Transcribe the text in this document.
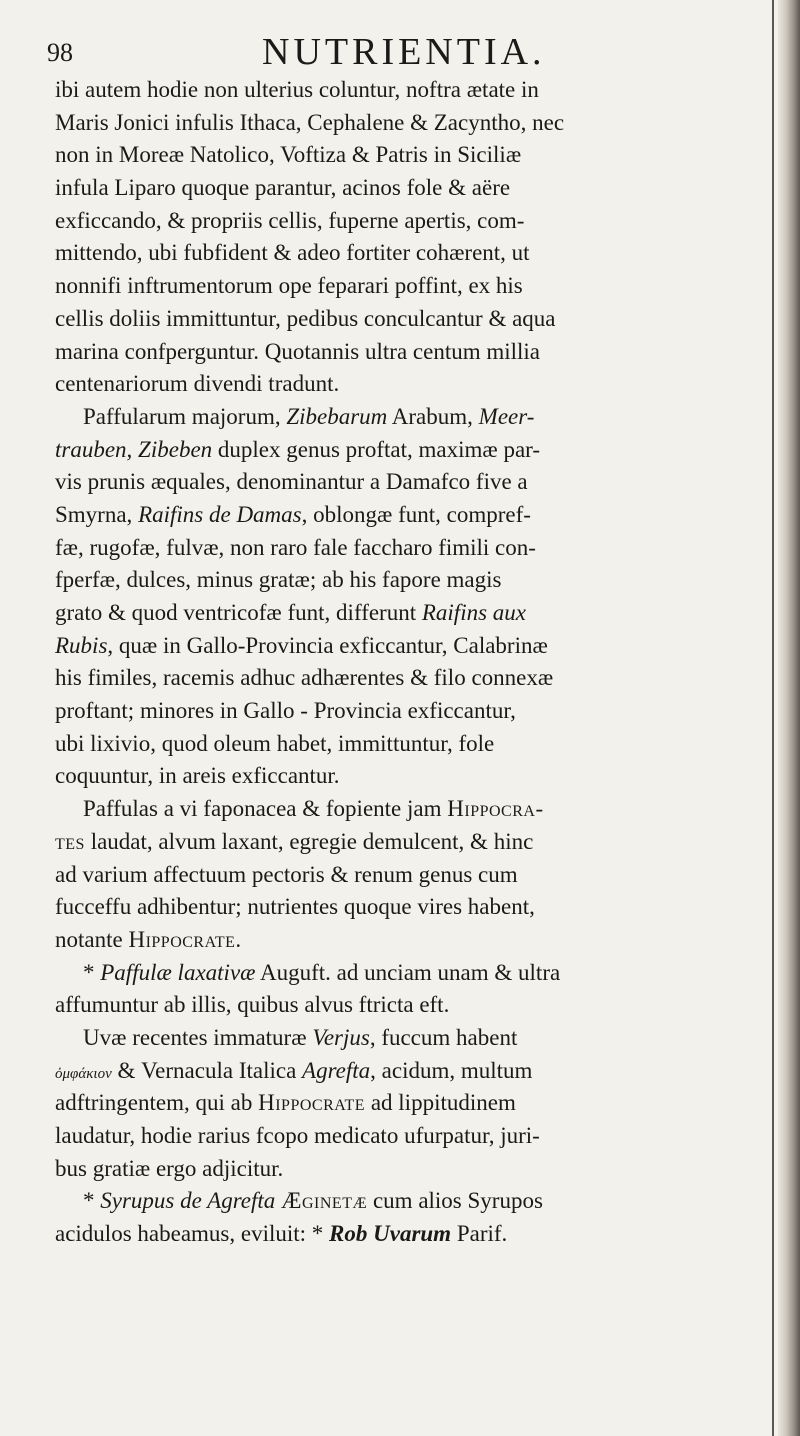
98	NUTRIENTIA.
ibi autem hodie non ulterius coluntur, noftra ætate in
Maris Jonici infulis Ithaca, Cephalene & Zacyntho, nec
non in Moreæ Natolico, Voftiza & Patris in Siciliæ
infula Liparo quoque parantur, acinos fole & aëre
exficcando, & propriis cellis, fuperne apertis, com-
mittendo, ubi fubfident & adeo fortiter cohærent, ut
nonnifi inftrumentorum ope feparari poffint, ex his
cellis doliis immittuntur, pedibus conculcantur & aqua
marina confperguntur. Quotannis ultra centum millia
centenariorum divendi tradunt.
Paffularum majorum, Zibebarum Arabum, Meer-
trauben, Zibeben duplex genus proftat, maximæ par-
vis prunis æquales, denominantur a Damafco five a
Smyrna, Raifins de Damas, oblongæ funt, compref-
fæ, rugofæ, fulvæ, non raro fale faccharo fimili con-
fperfæ, dulces, minus gratæ; ab his fapore magis
grato & quod ventricofæ funt, differunt Raifins aux
Rubis, quæ in Gallo-Provincia exficcantur, Calabrinæ
his fimiles, racemis adhuc adhærentes & filo connexæ
proftant; minores in Gallo - Provincia exficcantur,
ubi lixivio, quod oleum habet, immittuntur, fole
coquuntur, in areis exficcantur.
Paffulas a vi faponacea & fopiente jam Hippocra-
tes laudat, alvum laxant, egregie demulcent, & hinc
ad varium affectuum pectoris & renum genus cum
fucceffu adhibentur; nutrientes quoque vires habent,
notante Hippocrate.
* Paffulæ laxativæ Auguft. ad unciam unam & ultra
affumuntur ab illis, quibus alvus ftricta eft.
Uvæ recentes immaturæ Verjus, fuccum habent
ὀμφάκιον & Vernacula Italica Agrefta, acidum, multum
adftringentem, qui ab Hippocrate ad lippitudinem
laudatur, hodie rarius fcopo medicato ufurpatur, juri-
bus gratiæ ergo adjicitur.
* Syrupus de Agrefta Æginetæ cum alios Syrupos
acidulos habeamus, eviluit: * Rob Uvarum Parif.
